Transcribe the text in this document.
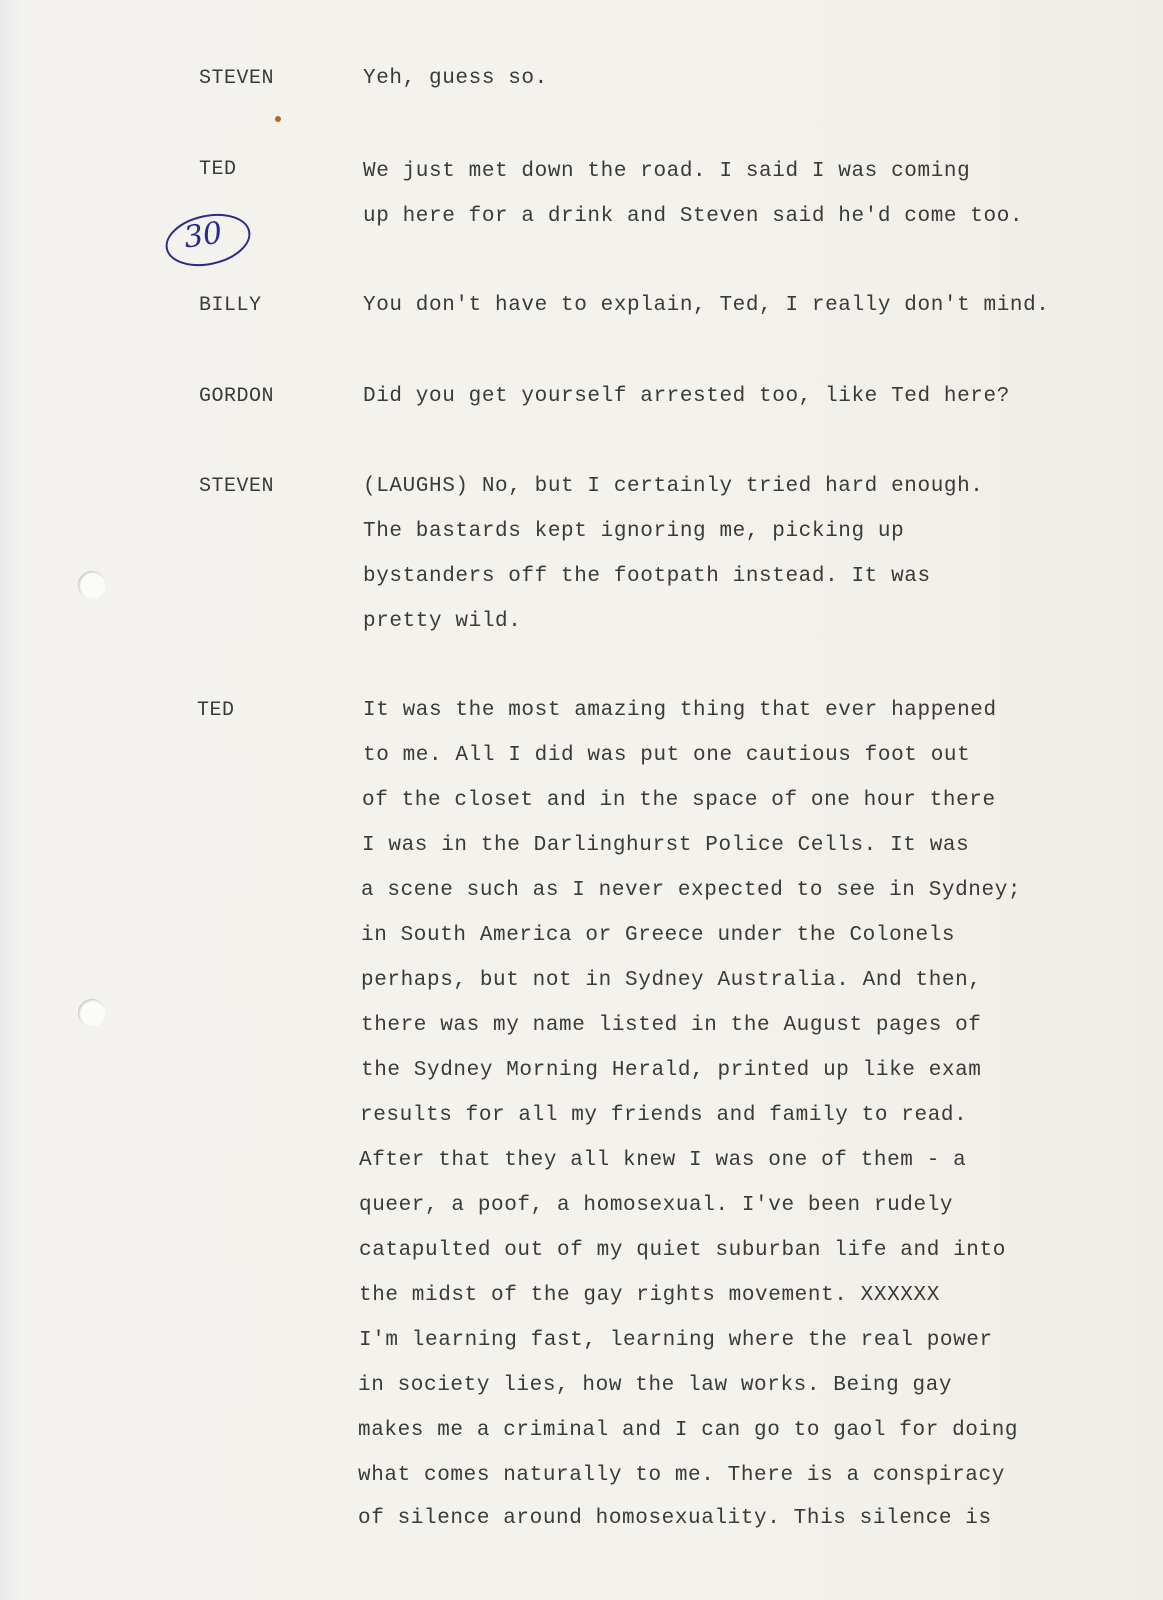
30
STEVEN	Yeh, guess so.
TED	We just met down the road. I said I was coming
up here for a drink and Steven said he'd come too.
BILLY	You don't have to explain, Ted, I really don't mind.
GORDON	Did you get yourself arrested too, like Ted here?
STEVEN	(LAUGHS) No, but I certainly tried hard enough.
The bastards kept ignoring me, picking up
bystanders off the footpath instead. It was
pretty wild.
TED	It was the most amazing thing that ever happened
to me. All I did was put one cautious foot out
of the closet and in the space of one hour there
I was in the Darlinghurst Police Cells. It was
a scene such as I never expected to see in Sydney;
in South America or Greece under the Colonels
perhaps, but not in Sydney Australia. And then,
there was my name listed in the August pages of
the Sydney Morning Herald, printed up like exam
results for all my friends and family to read.
After that they all knew I was one of them - a
queer, a poof, a homosexual. I've been rudely
catapulted out of my quiet suburban life and into
the midst of the gay rights movement. XXXXXX
I'm learning fast, learning where the real power
in society lies, how the law works. Being gay
makes me a criminal and I can go to gaol for doing
what comes naturally to me. There is a conspiracy
of silence around homosexuality. This silence is
